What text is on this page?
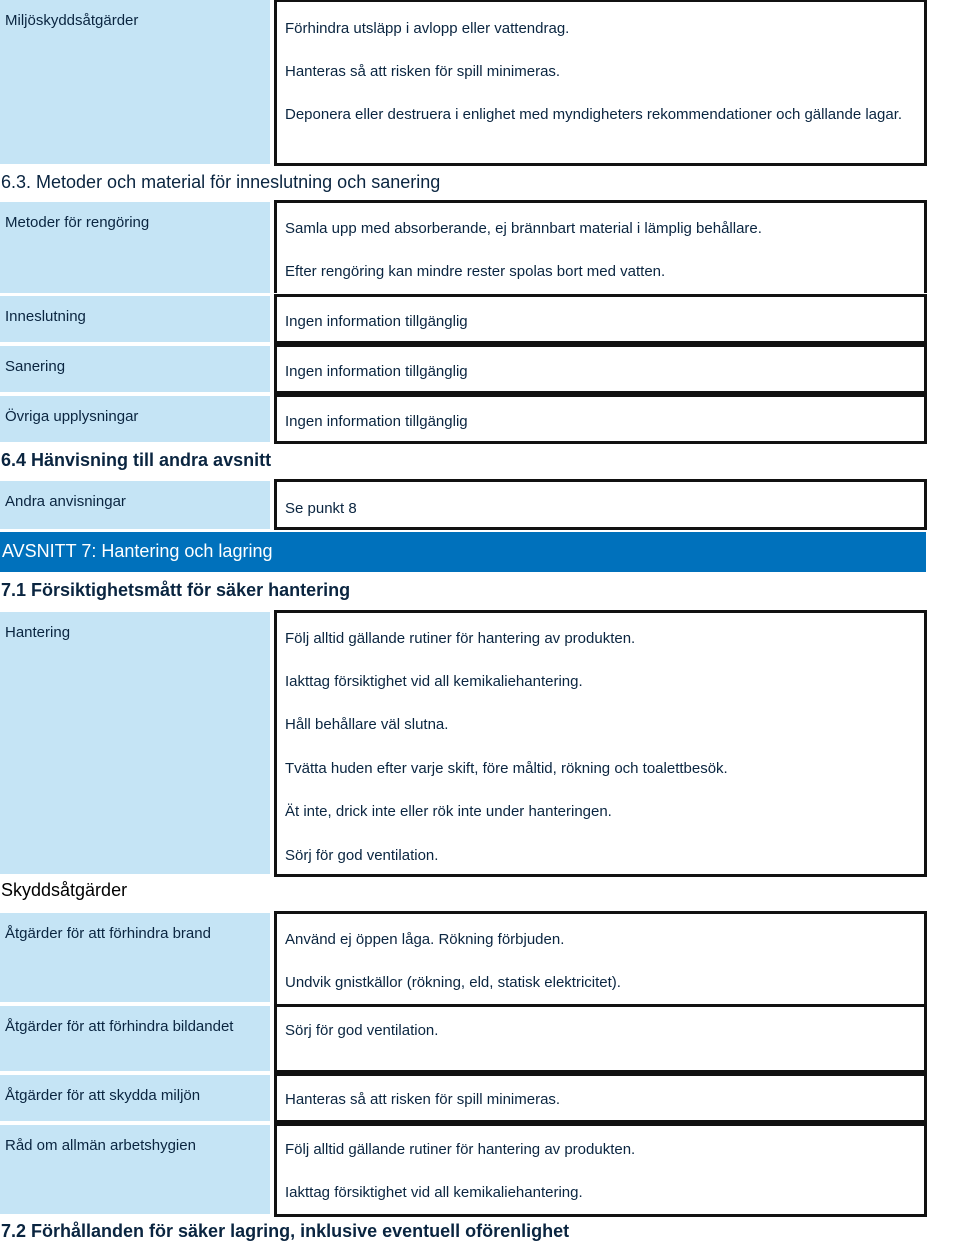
Miljöskyddsåtgärder	Förhindra utsläpp i avlopp eller vattendrag.
Hanteras så att risken för spill minimeras.
Deponera eller destruera i enlighet med myndigheters rekommendationer och gällande lagar.
6.3. Metoder och material för inneslutning och sanering
Metoder för rengöring	Samla upp med absorberande, ej brännbart material i lämplig behållare.
Efter rengöring kan mindre rester spolas bort med vatten.
Inneslutning	Ingen information tillgänglig
Sanering	Ingen information tillgänglig
Övriga upplysningar	Ingen information tillgänglig
6.4 Hänvisning till andra avsnitt
Andra anvisningar	Se punkt 8
AVSNITT 7: Hantering och lagring
7.1 Försiktighetsmått för säker hantering
Hantering	Följ alltid gällande rutiner för hantering av produkten.
Iakttag försiktighet vid all kemikaliehantering.
Håll behållare väl slutna.
Tvätta huden efter varje skift, före måltid, rökning och toalettbesök.
Ät inte, drick inte eller rök inte under hanteringen.
Sörj för god ventilation.
Skyddsåtgärder
Åtgärder för att förhindra brand	Använd ej öppen låga. Rökning förbjuden.
Undvik gnistkällor (rökning, eld, statisk elektricitet).
Åtgärder för att förhindra bildandet	Sörj för god ventilation.
Åtgärder för att skydda miljön	Hanteras så att risken för spill minimeras.
Råd om allmän arbetshygien	Följ alltid gällande rutiner för hantering av produkten.
Iakttag försiktighet vid all kemikaliehantering.
7.2 Förhållanden för säker lagring, inklusive eventuell oförenlighet
